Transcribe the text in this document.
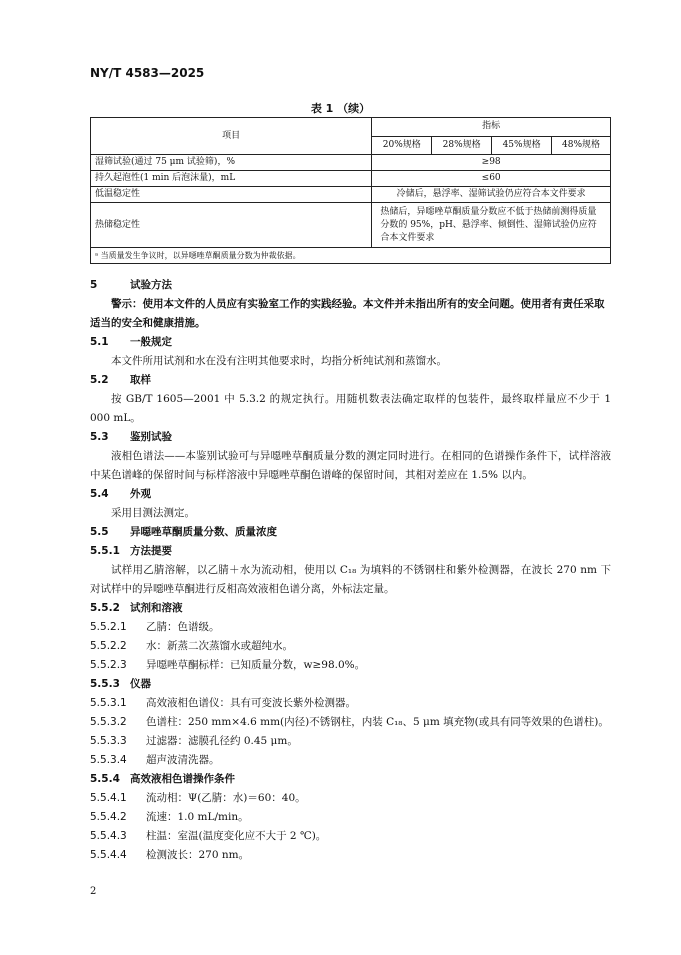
NY/T 4583—2025
表 1 （续）
项目	指标			
	20%规格	28%规格	45%规格	48%规格
湿筛试验(通过 75 μm 试验筛)，%	≥98			
持久起泡性(1 min 后泡沫量)，mL	≤60			
低温稳定性	冷储后，悬浮率、湿筛试验仍应符合本文件要求			
热储稳定性	热储后，异噁唑草酮质量分数应不低于热储前测得质量分数的 95%，pH、悬浮率、倾倒性、湿筛试验仍应符合本文件要求			
ᵃ 当质量发生争议时，以异噁唑草酮质量分数为仲裁依据。				
5	试验方法
警示：使用本文件的人员应有实验室工作的实践经验。本文件并未指出所有的安全问题。使用者有责任采取适当的安全和健康措施。
5.1 一般规定
本文件所用试剂和水在没有注明其他要求时，均指分析纯试剂和蒸馏水。
5.2 取样
按 GB/T 1605—2001 中 5.3.2 的规定执行。用随机数表法确定取样的包装件，最终取样量应不少于 1 000 mL。
5.3 鉴别试验
液相色谱法——本鉴别试验可与异噁唑草酮质量分数的测定同时进行。在相同的色谱操作条件下，试样溶液中某色谱峰的保留时间与标样溶液中异噁唑草酮色谱峰的保留时间，其相对差应在 1.5% 以内。
5.4 外观
采用目测法测定。
5.5 异噁唑草酮质量分数、质量浓度
5.5.1 方法提要
试样用乙腈溶解，以乙腈＋水为流动相，使用以 C₁₈ 为填料的不锈钢柱和紫外检测器，在波长 270 nm 下对试样中的异噁唑草酮进行反相高效液相色谱分离，外标法定量。
5.5.2 试剂和溶液
5.5.2.1 乙腈：色谱级。
5.5.2.2 水：新蒸二次蒸馏水或超纯水。
5.5.2.3 异噁唑草酮标样：已知质量分数，w≥98.0%。
5.5.3 仪器
5.5.3.1 高效液相色谱仪：具有可变波长紫外检测器。
5.5.3.2 色谱柱：250 mm×4.6 mm(内径)不锈钢柱，内装 C₁₈、5 μm 填充物(或具有同等效果的色谱柱)。
5.5.3.3 过滤器：滤膜孔径约 0.45 μm。
5.5.3.4 超声波清洗器。
5.5.4 高效液相色谱操作条件
5.5.4.1 流动相：Ψ(乙腈：水)＝60：40。
5.5.4.2 流速：1.0 mL/min。
5.5.4.3 柱温：室温(温度变化应不大于 2 ℃)。
5.5.4.4 检测波长：270 nm。
2
